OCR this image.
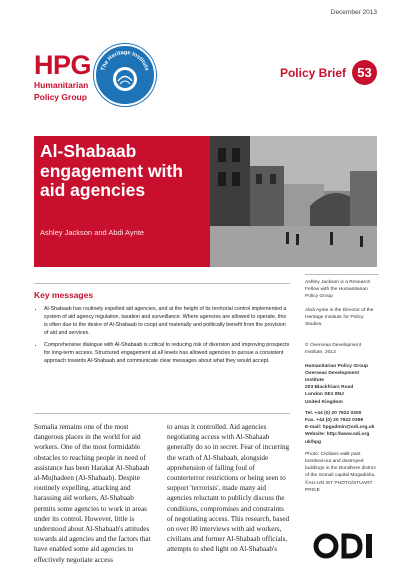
December 2013
HPG
Humanitarian
Policy Group
The Heritage Institute	Policy Brief 53
Al-Shabaab engagement with aid agencies
Ashley Jackson and Abdi Aynte
Key messages
• Al-Shabaab has routinely expelled aid agencies, and at the height of its territorial control implemented a system of aid agency regulation, taxation and surveillance. Where agencies are allowed to operate, this is often due to the desire of Al-Shabaab to coopt and materially and politically benefit from the provision of aid and services.
• Comprehensive dialogue with Al-Shabaab is critical to reducing risk of diversion and improving prospects for long-term access. Structured engagement at all levels has allowed agencies to pursue a consistent approach towards Al-Shabaab and communicate clear messages about what they would accept.

Ashley Jackson is a Research Fellow with the Humanitarian Policy Group

Abdi Aynte is the Director of the Heritage Institute for Policy Studies.

© Overseas Development Institute, 2013

Humanitarian Policy Group
Overseas Development Institute
203 Blackfriars Road
London SE1 8NJ
United Kingdom
Tel. +44 (0) 20 7922 0300
Fax. +44 (0) 20 7922 0399
E-mail: hpgadmin@odi.org.uk
Website: http://www.odi.org
uk/hpg

Photo: Civilians walk past bombed-out and destroyed buildings in the Bondhere district of the Somali capital Mogadishu. ©AU-UN IST PHOTO/STUART PRICE

Somalia remains one of the most dangerous places in the world for aid workers. One of the most formidable obstacles to reaching people in need of assistance has been Harakat Al-Shabaab al-Mujhadeen (Al-Shabaab). Despite routinely expelling, attacking and harassing aid workers, Al-Shabaab permits some agencies to work in areas under its control. However, little is understood about Al-Shabaab's attitudes towards aid agencies and the factors that have enabled some aid agencies to effectively negotiate access
to areas it controlled. Aid agencies negotiating access with Al-Shabaab generally do so in secret. Fear of incurring the wrath of Al-Shabaab, alongside apprehension of falling foul of counterterror restrictions or being seen to support 'terrorists', made many aid agencies reluctant to publicly discuss the conditions, compromises and constraints of negotiating access. This research, based on over 80 interviews with aid workers, civilians and former Al-Shabaab officials, attempts to shed light on Al-Shabaab's
